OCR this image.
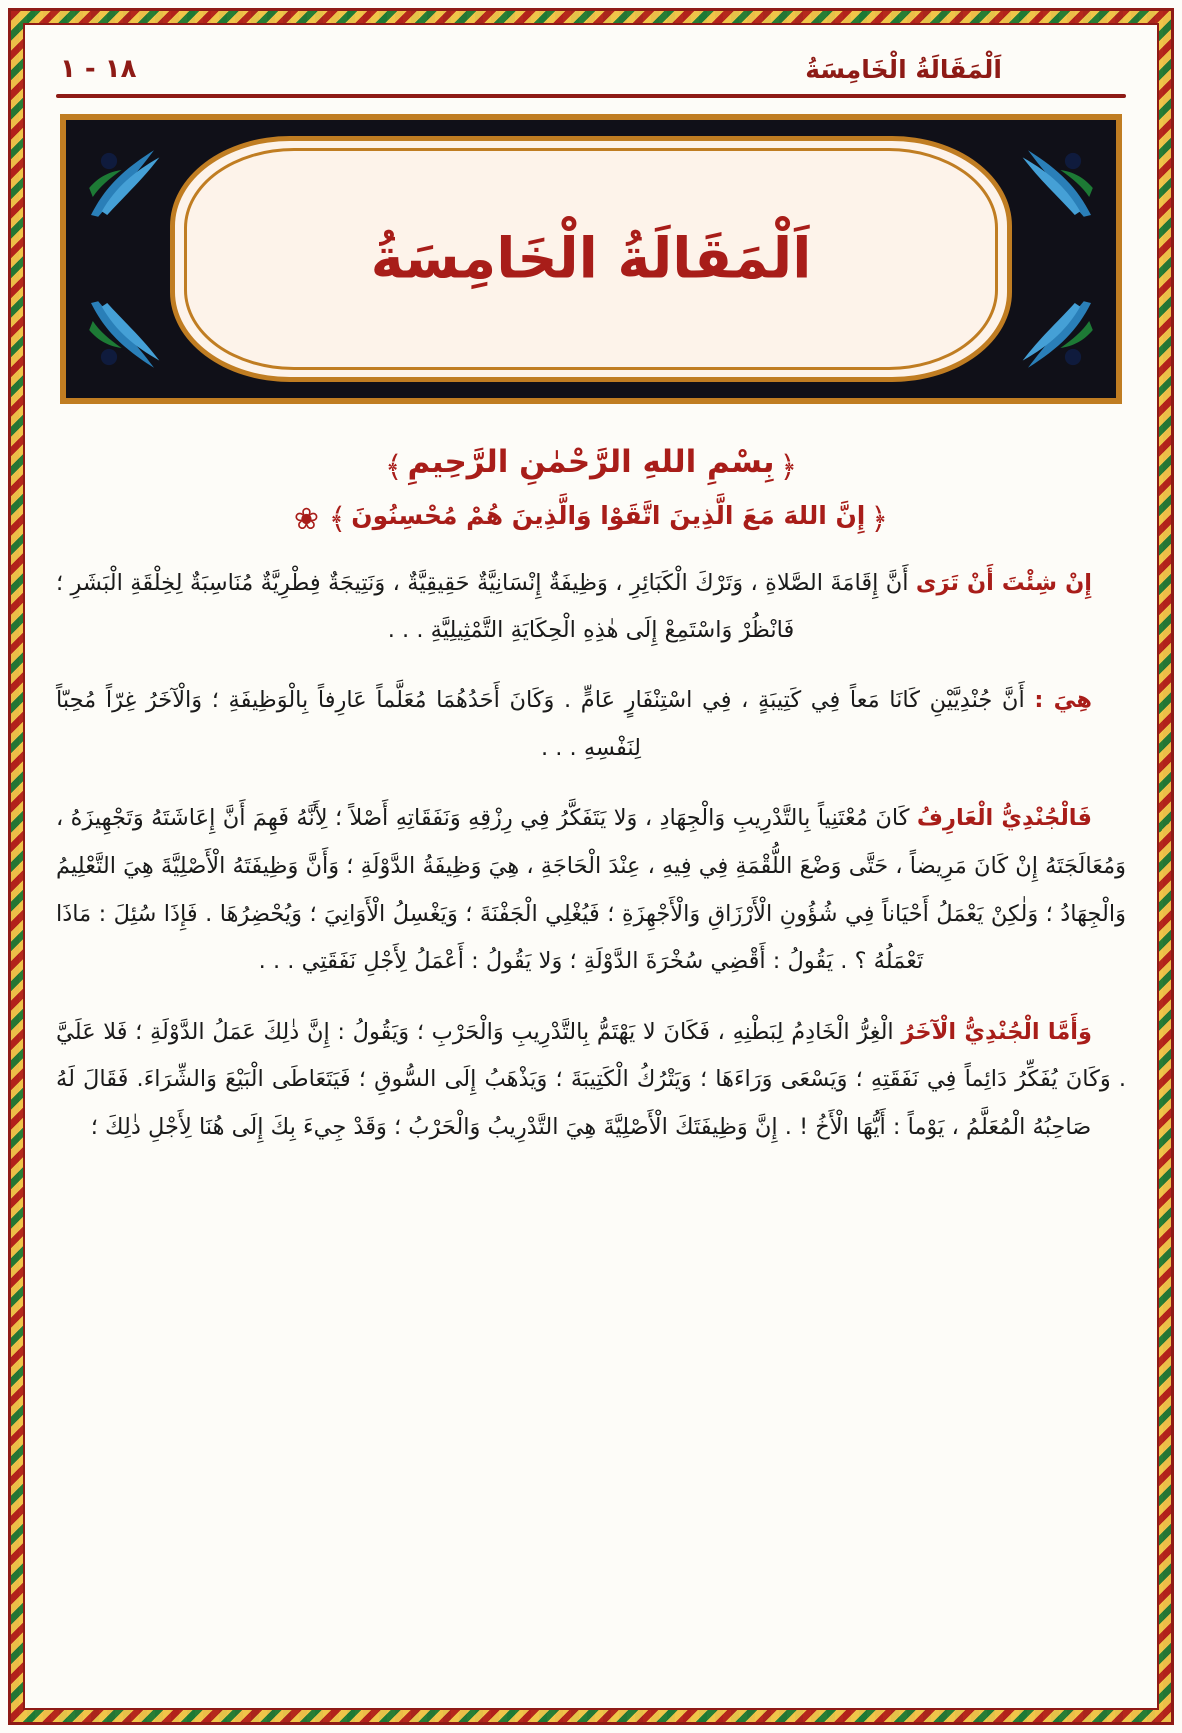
١٨ - ١	اَلْمَقَالَةُ الْخَامِسَةُ
اَلْمَقَالَةُ الْخَامِسَةُ
﴿ بِسْمِ اللهِ الرَّحْمٰنِ الرَّحِيمِ ﴾
﴿ إِنَّ اللهَ مَعَ الَّذِينَ اتَّقَوْا وَالَّذِينَ هُمْ مُحْسِنُونَ ﴾ ❀

إِنْ شِئْتَ أَنْ تَرَى أَنَّ إِقَامَةَ الصَّلاةِ ، وَتَرْكَ الْكَبَائِرِ ، وَظِيفَةٌ إِنْسَانِيَّةٌ حَقِيقِيَّةٌ ، وَنَتِيجَةٌ فِطْرِيَّةٌ مُنَاسِبَةٌ لِخِلْقَةِ الْبَشَرِ ؛ فَانْظُرْ وَاسْتَمِعْ إِلَى هٰذِهِ الْحِكَايَةِ التَّمْثِيلِيَّةِ . . .

هِيَ : أَنَّ جُنْدِيَّيْنِ كَانَا مَعاً فِي كَتِيبَةٍ ، فِي اسْتِنْفَارٍ عَامٍّ . وَكَانَ أَحَدُهُمَا مُعَلَّماً عَارِفاً بِالْوَظِيفَةِ ؛ وَالْآخَرُ غِرّاً مُحِبّاً لِنَفْسِهِ . . .

فَالْجُنْدِيُّ الْعَارِفُ كَانَ مُعْتَنِياً بِالتَّدْرِيبِ وَالْجِهَادِ ، وَلا يَتَفَكَّرُ فِي رِزْقِهِ وَنَفَقَاتِهِ أَصْلاً ؛ لِأَنَّهُ فَهِمَ أَنَّ إِعَاشَتَهُ وَتَجْهِيزَهُ ، وَمُعَالَجَتَهُ إِنْ كَانَ مَرِيضاً ، حَتَّى وَضْعَ اللُّقْمَةِ فِي فِيهِ ، عِنْدَ الْحَاجَةِ ، هِيَ وَظِيفَةُ الدَّوْلَةِ ؛ وَأَنَّ وَظِيفَتَهُ الْأَصْلِيَّةَ هِيَ التَّعْلِيمُ وَالْجِهَادُ ؛ وَلٰكِنْ يَعْمَلُ أَحْيَاناً فِي شُؤُونِ الْأَرْزَاقِ وَالْأَجْهِزَةِ ؛ فَيُغْلِي الْجَفْنَةَ ؛ وَيَغْسِلُ الْأَوَانِيَ ؛ وَيُحْضِرُهَا . فَإِذَا سُئِلَ : مَاذَا تَعْمَلُهُ ؟ . يَقُولُ : أَقْضِي سُخْرَةَ الدَّوْلَةِ ؛ وَلا يَقُولُ : أَعْمَلُ لِأَجْلِ نَفَقَتِي . . .

وَأَمَّا الْجُنْدِيُّ الْآخَرُ الْغِرُّ الْخَادِمُ لِبَطْنِهِ ، فَكَانَ لا يَهْتَمُّ بِالتَّدْرِيبِ وَالْحَرْبِ ؛ وَيَقُولُ : إِنَّ ذٰلِكَ عَمَلُ الدَّوْلَةِ ؛ فَلا عَلَيَّ . وَكَانَ يُفَكِّرُ دَائِماً فِي نَفَقَتِهِ ؛ وَيَسْعَى وَرَاءَهَا ؛ وَيَتْرُكُ الْكَتِيبَةَ ؛ وَيَذْهَبُ إِلَى السُّوقِ ؛ فَيَتَعَاطَى الْبَيْعَ وَالشِّرَاءَ. فَقَالَ لَهُ صَاحِبُهُ الْمُعَلَّمُ ، يَوْماً : أَيُّهَا الْأَخُ ! . إِنَّ وَظِيفَتَكَ الْأَصْلِيَّةَ هِيَ التَّدْرِيبُ وَالْحَرْبُ ؛ وَقَدْ جِيءَ بِكَ إِلَى هُنَا لِأَجْلِ ذٰلِكَ ؛
